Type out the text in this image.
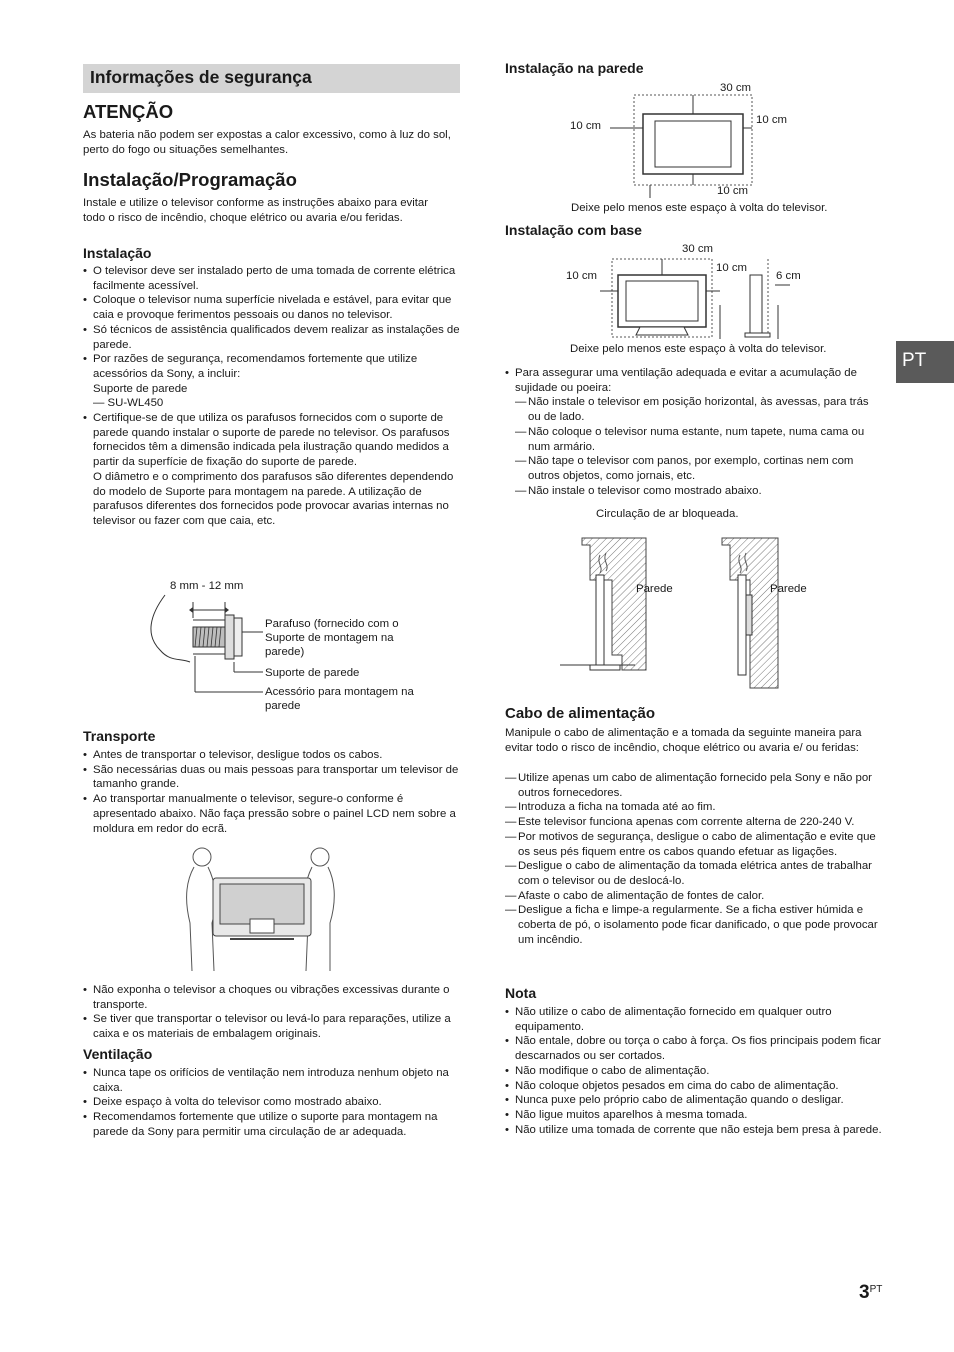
Informações de segurança
ATENÇÃO

As bateria não podem ser expostas a calor excessivo, como à luz do sol, perto do fogo ou situações semelhantes.

Instalação/Programação

Instale e utilize o televisor conforme as instruções abaixo para evitar todo o risco de incêndio, choque elétrico ou avaria e/ou feridas.

Instalação
• O televisor deve ser instalado perto de uma tomada de corrente elétrica facilmente acessível.
• Coloque o televisor numa superfície nivelada e estável, para evitar que caia e provoque ferimentos pessoais ou danos no televisor.
• Só técnicos de assistência qualificados devem realizar as instalações de parede.
• Por razões de segurança, recomendamos fortemente que utilize acessórios da Sony, a incluir:
Suporte de parede
— SU-WL450
• Certifique-se de que utiliza os parafusos fornecidos com o suporte de parede quando instalar o suporte de parede no televisor. Os parafusos fornecidos têm a dimensão indicada pela ilustração quando medidos a partir da superfície de fixação do suporte de parede.
O diâmetro e o comprimento dos parafusos são diferentes dependendo do modelo de Suporte para montagem na parede. A utilização de parafusos diferentes dos fornecidos pode provocar avarias internas no televisor ou fazer com que caia, etc.
8 mm - 12 mm
Parafuso (fornecido com o Suporte de montagem na parede)
Suporte de parede
Acessório para montagem na parede
Transporte
• Antes de transportar o televisor, desligue todos os cabos.
• São necessárias duas ou mais pessoas para transportar um televisor de tamanho grande.
• Ao transportar manualmente o televisor, segure-o conforme é apresentado abaixo. Não faça pressão sobre o painel LCD nem sobre a moldura em redor do ecrã.
• Não exponha o televisor a choques ou vibrações excessivas durante o transporte.
• Se tiver que transportar o televisor ou levá-lo para reparações, utilize a caixa e os materiais de embalagem originais.
Ventilação
• Nunca tape os orifícios de ventilação nem introduza nenhum objeto na caixa.
• Deixe espaço à volta do televisor como mostrado abaixo.
• Recomendamos fortemente que utilize o suporte para montagem na parede da Sony para permitir uma circulação de ar adequada.
Instalação na parede
30 cm
10 cm	10 cm
10 cm
Deixe pelo menos este espaço à volta do televisor.
Instalação com base
30 cm
10 cm
10 cm
6 cm
Deixe pelo menos este espaço à volta do televisor.
• Para assegurar uma ventilação adequada e evitar a acumulação de sujidade ou poeira:
— Não instale o televisor em posição horizontal, às avessas, para trás ou de lado.
— Não coloque o televisor numa estante, num tapete, numa cama ou num armário.
— Não tape o televisor com panos, por exemplo, cortinas nem com outros objetos, como jornais, etc.
— Não instale o televisor como mostrado abaixo.
Circulação de ar bloqueada.
Parede	Parede
Cabo de alimentação

Manipule o cabo de alimentação e a tomada da seguinte maneira para evitar todo o risco de incêndio, choque elétrico ou avaria e/ ou feridas:

— Utilize apenas um cabo de alimentação fornecido pela Sony e não por outros fornecedores.
— Introduza a ficha na tomada até ao fim.
— Este televisor funciona apenas com corrente alterna de 220-240 V.
— Por motivos de segurança, desligue o cabo de alimentação e evite que os seus pés fiquem entre os cabos quando efetuar as ligações.
— Desligue o cabo de alimentação da tomada elétrica antes de trabalhar com o televisor ou de deslocá-lo.
— Afaste o cabo de alimentação de fontes de calor.
— Desligue a ficha e limpe-a regularmente. Se a ficha estiver húmida e coberta de pó, o isolamento pode ficar danificado, o que pode provocar um incêndio.
Nota
• Não utilize o cabo de alimentação fornecido em qualquer outro equipamento.
• Não entale, dobre ou torça o cabo à força. Os fios principais podem ficar descarnados ou ser cortados.
• Não modifique o cabo de alimentação.
• Não coloque objetos pesados em cima do cabo de alimentação.
• Nunca puxe pelo próprio cabo de alimentação quando o desligar.
• Não ligue muitos aparelhos à mesma tomada.
• Não utilize uma tomada de corrente que não esteja bem presa à parede.
PT
$3^{PT}$
